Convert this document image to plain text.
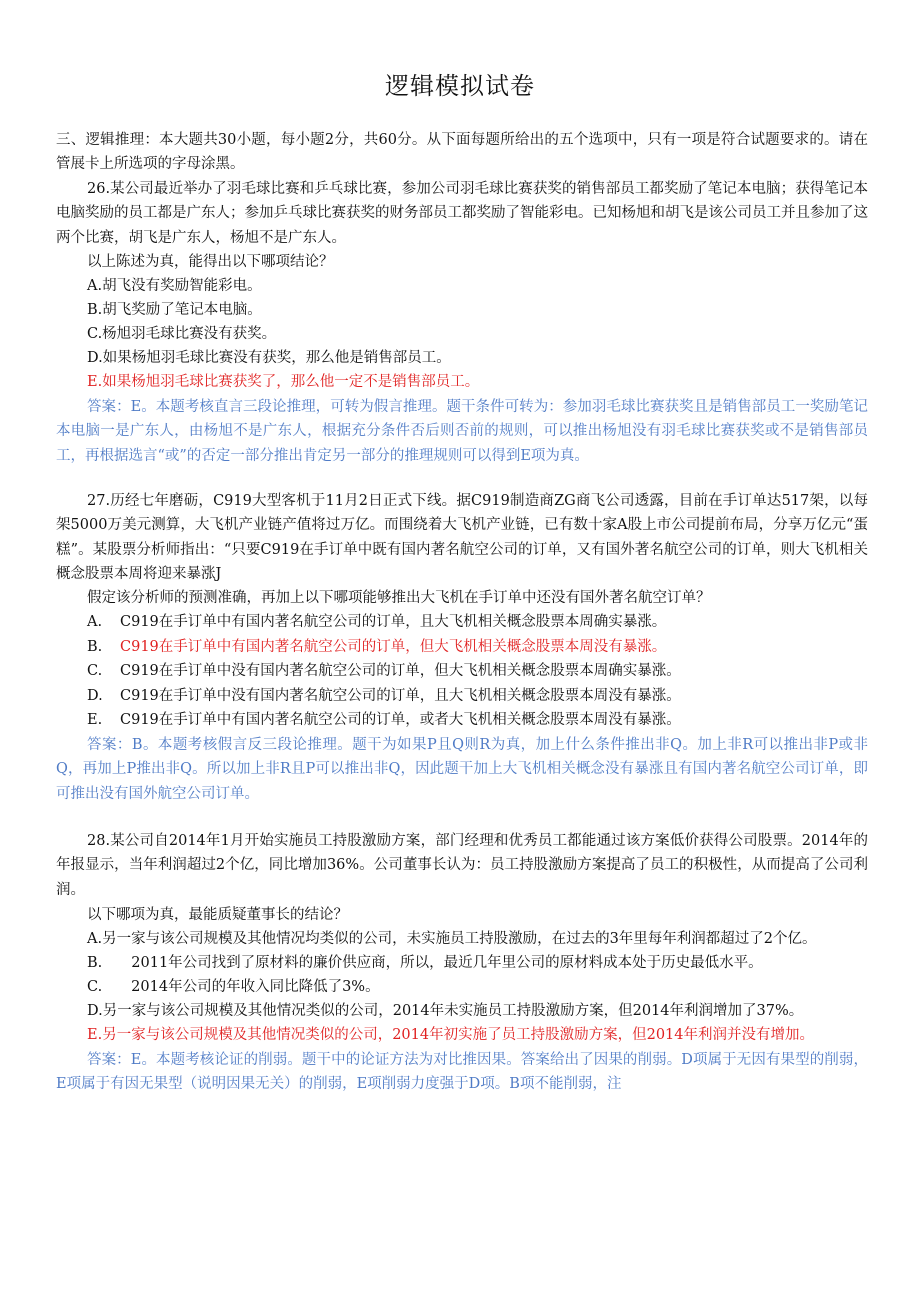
逻辑模拟试卷
三、逻辑推理：本大题共30小题，每小题2分，共60分。从下面每题所给出的五个选项中，只有一项是符合试题要求的。请在管展卡上所选项的字母涂黑。
26.某公司最近举办了羽毛球比赛和乒乓球比赛，参加公司羽毛球比赛获奖的销售部员工都奖励了笔记本电脑；获得笔记本电脑奖励的员工都是广东人；参加乒乓球比赛获奖的财务部员工都奖励了智能彩电。已知杨旭和胡飞是该公司员工并且参加了这两个比赛，胡飞是广东人，杨旭不是广东人。
以上陈述为真，能得出以下哪项结论？
A.胡飞没有奖励智能彩电。
B.胡飞奖励了笔记本电脑。
C.杨旭羽毛球比赛没有获奖。
D.如果杨旭羽毛球比赛没有获奖，那么他是销售部员工。
E.如果杨旭羽毛球比赛获奖了，那么他一定不是销售部员工。
答案：E。本题考核直言三段论推理，可转为假言推理。题干条件可转为：参加羽毛球比赛获奖且是销售部员工一奖励笔记本电脑一是广东人，由杨旭不是广东人，根据充分条件否后则否前的规则，可以推出杨旭没有羽毛球比赛获奖或不是销售部员工，再根据选言“或”的否定一部分推出肯定另一部分的推理规则可以得到E项为真。
27.历经七年磨砺，C919大型客机于11月2日正式下线。据C919制造商ZG商飞公司透露，目前在手订单达517架，以每架5000万美元测算，大飞机产业链产值将过万亿。而围绕着大飞机产业链，已有数十家A股上市公司提前布局，分享万亿元“蛋糕”。某股票分析师指出：“只要C919在手订单中既有国内著名航空公司的订单，又有国外著名航空公司的订单，则大飞机相关概念股票本周将迎来暴涨J
假定该分析师的预测准确，再加上以下哪项能够推出大飞机在手订单中还没有国外著名航空订单？
A. C919在手订单中有国内著名航空公司的订单，且大飞机相关概念股票本周确实暴涨。
B. C919在手订单中有国内著名航空公司的订单，但大飞机相关概念股票本周没有暴涨。
C. C919在手订单中没有国内著名航空公司的订单，但大飞机相关概念股票本周确实暴涨。
D. C919在手订单中没有国内著名航空公司的订单，且大飞机相关概念股票本周没有暴涨。
E. C919在手订单中有国内著名航空公司的订单，或者大飞机相关概念股票本周没有暴涨。
答案：B。本题考核假言反三段论推理。题干为如果P且Q则R为真，加上什么条件推出非Q。加上非R可以推出非P或非Q，再加上P推出非Q。所以加上非R且P可以推出非Q，因此题干加上大飞机相关概念没有暴涨且有国内著名航空公司订单，即可推出没有国外航空公司订单。
28.某公司自2014年1月开始实施员工持股激励方案，部门经理和优秀员工都能通过该方案低价获得公司股票。2014年的年报显示，当年利润超过2个亿，同比增加36%。公司董事长认为：员工持股激励方案提高了员工的积极性，从而提高了公司利润。
以下哪项为真，最能质疑董事长的结论？
A.另一家与该公司规模及其他情况均类似的公司，未实施员工持股激励，在过去的3年里每年利润都超过了2个亿。
B.　　2011年公司找到了原材料的廉价供应商，所以，最近几年里公司的原材料成本处于历史最低水平。
C.　　2014年公司的年收入同比降低了3%。
D.另一家与该公司规模及其他情况类似的公司，2014年未实施员工持股激励方案，但2014年利润增加了37%。
E.另一家与该公司规模及其他情况类似的公司，2014年初实施了员工持股激励方案，但2014年利润并没有增加。
答案：E。本题考核论证的削弱。题干中的论证方法为对比推因果。答案给出了因果的削弱。D项属于无因有果型的削弱，E项属于有因无果型（说明因果无关）的削弱，E项削弱力度强于D项。B项不能削弱，注
